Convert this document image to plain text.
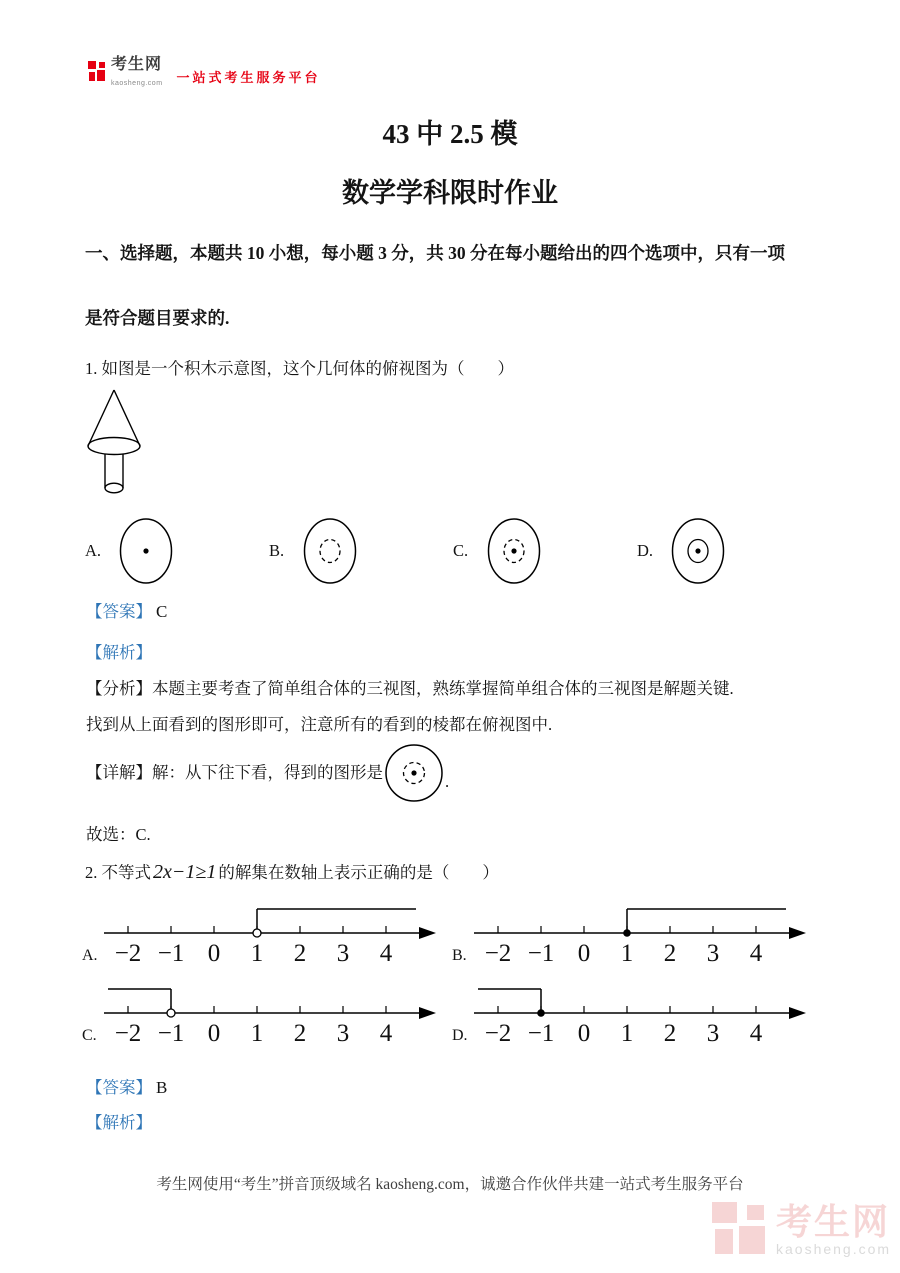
考生网
kaosheng.com 一站式考生服务平台
43 中 2.5 模
数学学科限时作业
一、选择题，本题共 10 小想，每小题 3 分，共 30 分在每小题给出的四个选项中，只有一项
是符合题目要求的.
1. 如图是一个积木示意图，这个几何体的俯视图为（　　）
A.	B.	C.	D.
【答案】 C
【解析】
【分析】本题主要考查了简单组合体的三视图，熟练掌握简单组合体的三视图是解题关键.
找到从上面看到的图形即可，注意所有的看到的棱都在俯视图中.
【详解】解：从下往下看，得到的图形是	.
故选：C.
2. 不等式 2x−1≥1 的解集在数轴上表示正确的是（　　）
A. −2 −1 0 1 2 3 4	B. −2 −1 0 1 2 3 4
C. −2 −1 0 1 2 3 4	D. −2 −1 0 1 2 3 4
【答案】 B
【解析】
考生网使用“考生”拼音顶级域名 kaosheng.com，诚邀合作伙伴共建一站式考生服务平台
考生网
kaosheng.com
